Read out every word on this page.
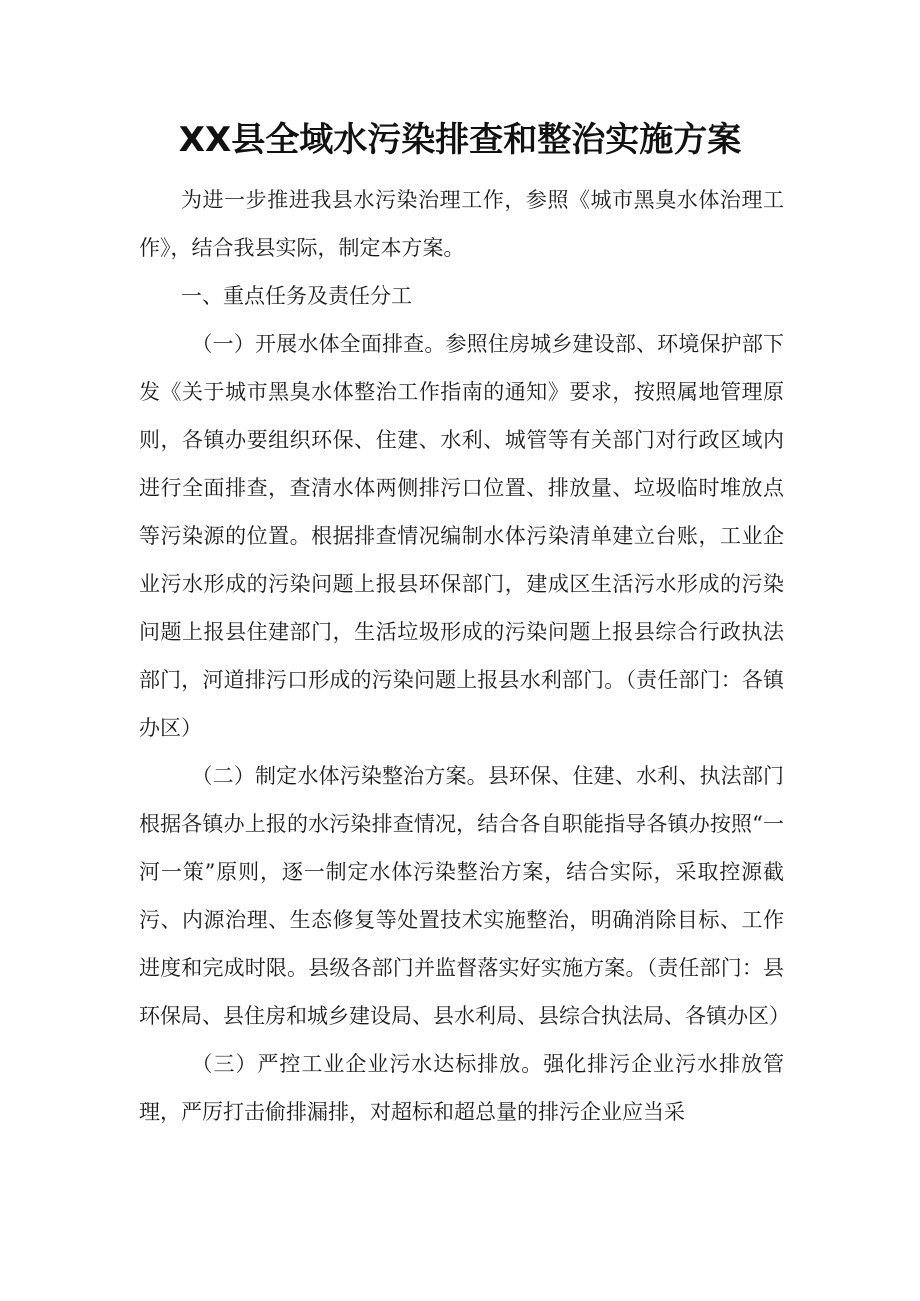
XX县全域水污染排查和整治实施方案

为进一步推进我县水污染治理工作，参照《城市黑臭水体治理工作》，结合我县实际，制定本方案。

一、重点任务及责任分工

（一）开展水体全面排查。参照住房城乡建设部、环境保护部下发《关于城市黑臭水体整治工作指南的通知》要求，按照属地管理原则，各镇办要组织环保、住建、水利、城管等有关部门对行政区域内进行全面排查，查清水体两侧排污口位置、排放量、垃圾临时堆放点等污染源的位置。根据排查情况编制水体污染清单建立台账，工业企业污水形成的污染问题上报县环保部门，建成区生活污水形成的污染问题上报县住建部门，生活垃圾形成的污染问题上报县综合行政执法部门，河道排污口形成的污染问题上报县水利部门。（责任部门：各镇办区）

（二）制定水体污染整治方案。县环保、住建、水利、执法部门根据各镇办上报的水污染排查情况，结合各自职能指导各镇办按照“一河一策”原则，逐一制定水体污染整治方案，结合实际，采取控源截污、内源治理、生态修复等处置技术实施整治，明确消除目标、工作进度和完成时限。县级各部门并监督落实好实施方案。（责任部门：县环保局、县住房和城乡建设局、县水利局、县综合执法局、各镇办区）

（三）严控工业企业污水达标排放。强化排污企业污水排放管理，严厉打击偷排漏排，对超标和超总量的排污企业应当采
